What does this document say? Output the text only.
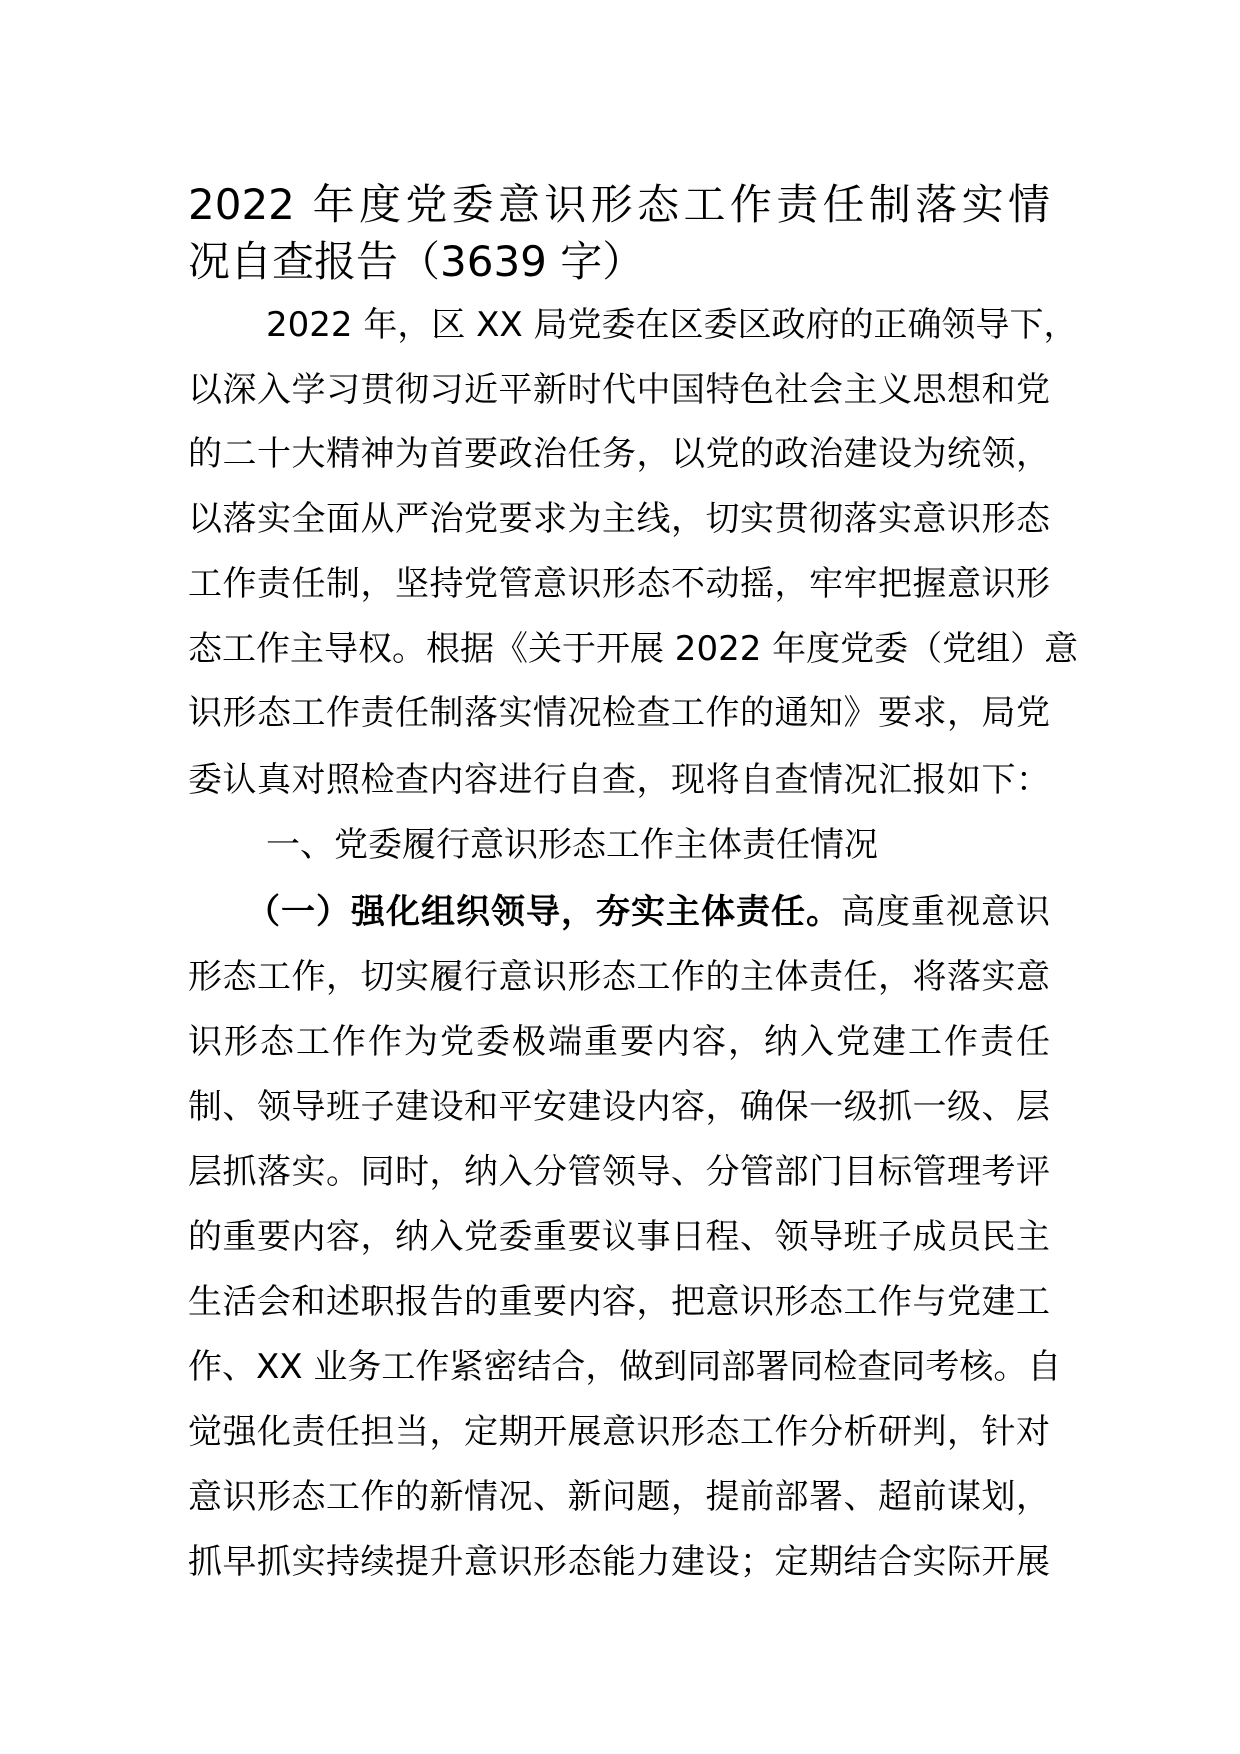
2022 年度党委意识形态工作责任制落实情
况自查报告（3639 字）
2022 年，区 XX 局党委在区委区政府的正确领导下，
以深入学习贯彻习近平新时代中国特色社会主义思想和党
的二十大精神为首要政治任务，以党的政治建设为统领，
以落实全面从严治党要求为主线，切实贯彻落实意识形态
工作责任制，坚持党管意识形态不动摇，牢牢把握意识形
态工作主导权。根据《关于开展 2022 年度党委（党组）意
识形态工作责任制落实情况检查工作的通知》要求，局党
委认真对照检查内容进行自查，现将自查情况汇报如下：
一、党委履行意识形态工作主体责任情况
（一）强化组织领导，夯实主体责任。高度重视意识
形态工作，切实履行意识形态工作的主体责任，将落实意
识形态工作作为党委极端重要内容，纳入党建工作责任
制、领导班子建设和平安建设内容，确保一级抓一级、层
层抓落实。同时，纳入分管领导、分管部门目标管理考评
的重要内容，纳入党委重要议事日程、领导班子成员民主
生活会和述职报告的重要内容，把意识形态工作与党建工
作、XX 业务工作紧密结合，做到同部署同检查同考核。自
觉强化责任担当，定期开展意识形态工作分析研判，针对
意识形态工作的新情况、新问题，提前部署、超前谋划，
抓早抓实持续提升意识形态能力建设；定期结合实际开展
